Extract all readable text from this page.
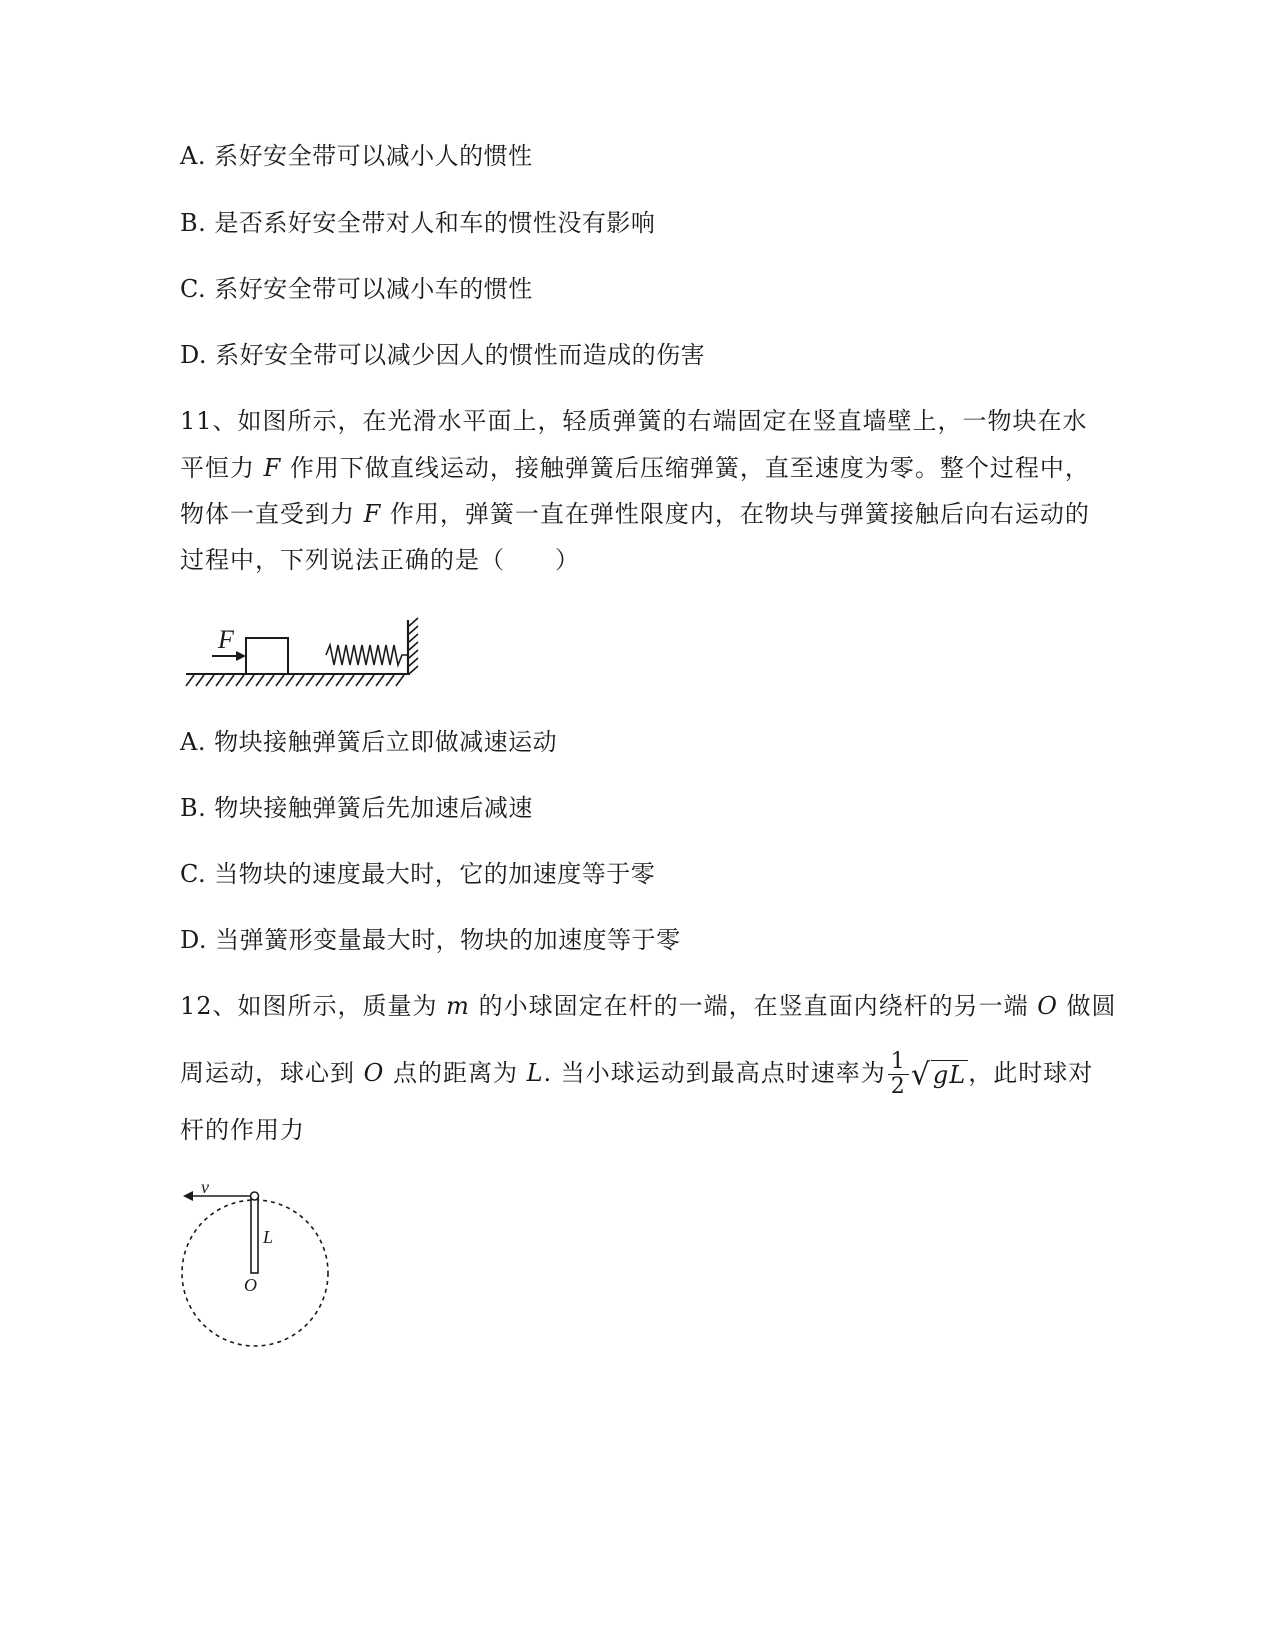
A. 系好安全带可以减小人的惯性
B. 是否系好安全带对人和车的惯性没有影响
C. 系好安全带可以减小车的惯性
D. 系好安全带可以减少因人的惯性而造成的伤害
11、如图所示，在光滑水平面上，轻质弹簧的右端固定在竖直墙壁上，一物块在水
平恒力 F 作用下做直线运动，接触弹簧后压缩弹簧，直至速度为零。整个过程中，
物体一直受到力 F 作用，弹簧一直在弹性限度内，在物块与弹簧接触后向右运动的
过程中，下列说法正确的是（　　）
F
A. 物块接触弹簧后立即做减速运动
B. 物块接触弹簧后先加速后减速
C. 当物块的速度最大时，它的加速度等于零
D. 当弹簧形变量最大时，物块的加速度等于零
12、如图所示，质量为 m 的小球固定在杆的一端，在竖直面内绕杆的另一端 O 做圆
周运动，球心到 O 点的距离为 L. 当小球运动到最高点时速率为 $\frac{1}{2} √gL$，此时球对
杆的作用力
v
L
O
